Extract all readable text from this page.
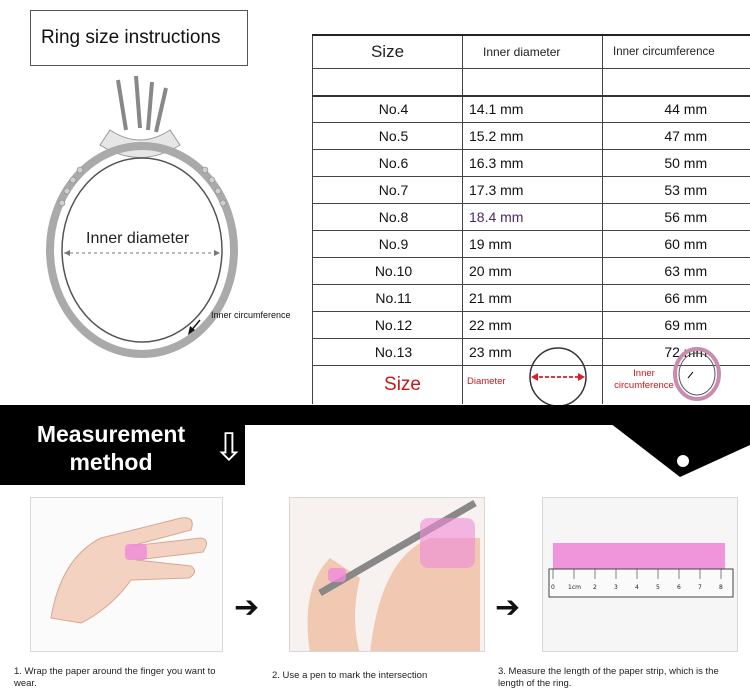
Ring size instructions
Inner diameter
Inner circumference
Size	Inner diameter	Inner circumference

No.4	14.1 mm	44 mm
No.5	15.2 mm	47 mm
No.6	16.3 mm	50 mm
No.7	17.3 mm	53 mm
No.8	18.4 mm	56 mm
No.9	19 mm	60 mm
No.10	20 mm	63 mm
No.11	21 mm	66 mm
No.12	22 mm	69 mm
No.13	23 mm	72 mm
Size	Diameter	Inner circumference
Measurement
method	⇩
➔	➔
0 1cm 2	3	4	5	6	7	8
1. Wrap the paper around the finger you want to wear.
2. Use a pen to mark the intersection	3. Measure the length of the paper strip, which is the length of the ring.
